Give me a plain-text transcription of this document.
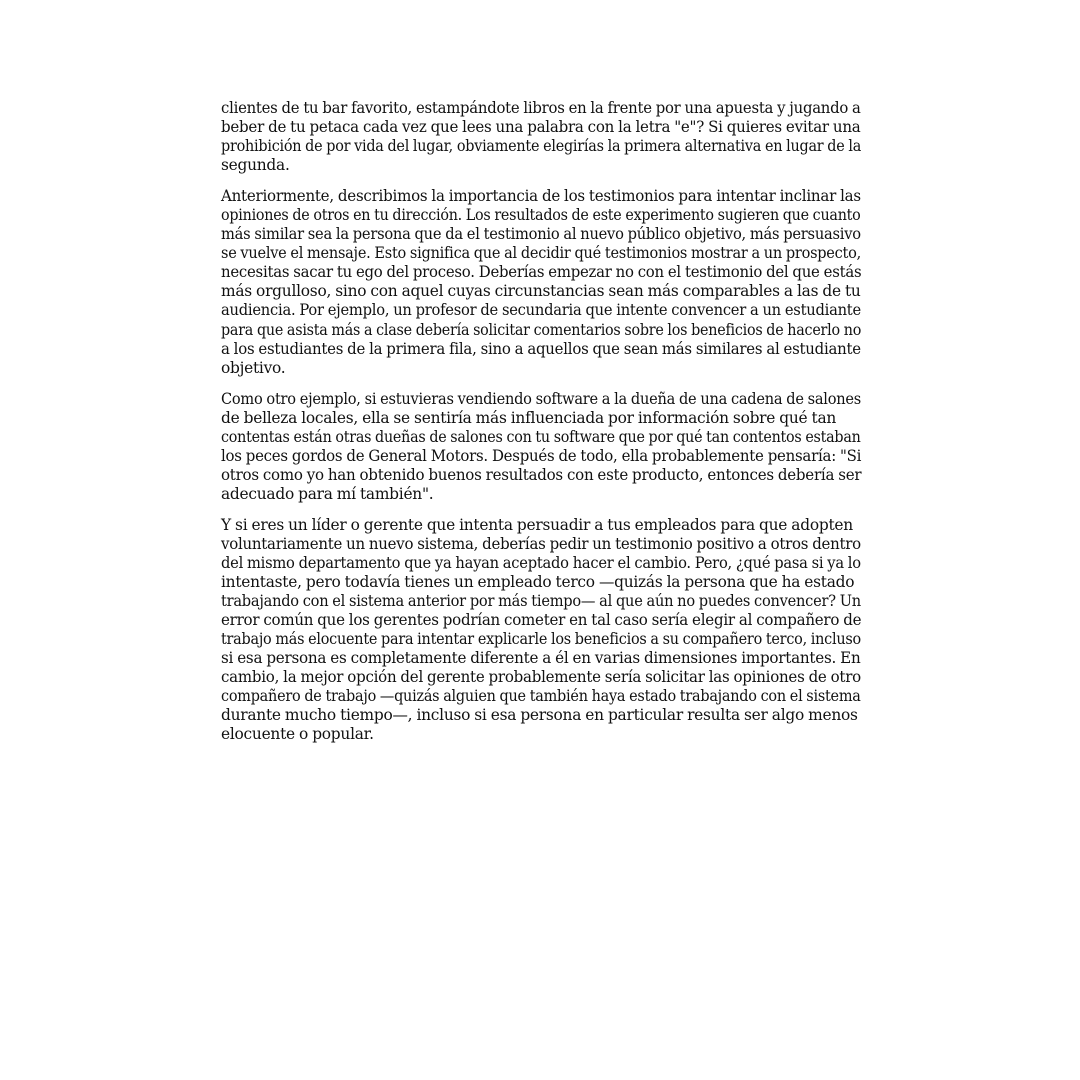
clientes de tu bar favorito, estampándote libros en la frente por una apuesta y jugando a
beber de tu petaca cada vez que lees una palabra con la letra "e"? Si quieres evitar una
prohibición de por vida del lugar, obviamente elegirías la primera alternativa en lugar de la
segunda.

Anteriormente, describimos la importancia de los testimonios para intentar inclinar las
opiniones de otros en tu dirección. Los resultados de este experimento sugieren que cuanto
más similar sea la persona que da el testimonio al nuevo público objetivo, más persuasivo
se vuelve el mensaje. Esto significa que al decidir qué testimonios mostrar a un prospecto,
necesitas sacar tu ego del proceso. Deberías empezar no con el testimonio del que estás
más orgulloso, sino con aquel cuyas circunstancias sean más comparables a las de tu
audiencia. Por ejemplo, un profesor de secundaria que intente convencer a un estudiante
para que asista más a clase debería solicitar comentarios sobre los beneficios de hacerlo no
a los estudiantes de la primera fila, sino a aquellos que sean más similares al estudiante
objetivo.

Como otro ejemplo, si estuvieras vendiendo software a la dueña de una cadena de salones
de belleza locales, ella se sentiría más influenciada por información sobre qué tan
contentas están otras dueñas de salones con tu software que por qué tan contentos estaban
los peces gordos de General Motors. Después de todo, ella probablemente pensaría: "Si
otros como yo han obtenido buenos resultados con este producto, entonces debería ser
adecuado para mí también".

Y si eres un líder o gerente que intenta persuadir a tus empleados para que adopten
voluntariamente un nuevo sistema, deberías pedir un testimonio positivo a otros dentro
del mismo departamento que ya hayan aceptado hacer el cambio. Pero, ¿qué pasa si ya lo
intentaste, pero todavía tienes un empleado terco —quizás la persona que ha estado
trabajando con el sistema anterior por más tiempo— al que aún no puedes convencer? Un
error común que los gerentes podrían cometer en tal caso sería elegir al compañero de
trabajo más elocuente para intentar explicarle los beneficios a su compañero terco, incluso
si esa persona es completamente diferente a él en varias dimensiones importantes. En
cambio, la mejor opción del gerente probablemente sería solicitar las opiniones de otro
compañero de trabajo —quizás alguien que también haya estado trabajando con el sistema
durante mucho tiempo—, incluso si esa persona en particular resulta ser algo menos
elocuente o popular.
